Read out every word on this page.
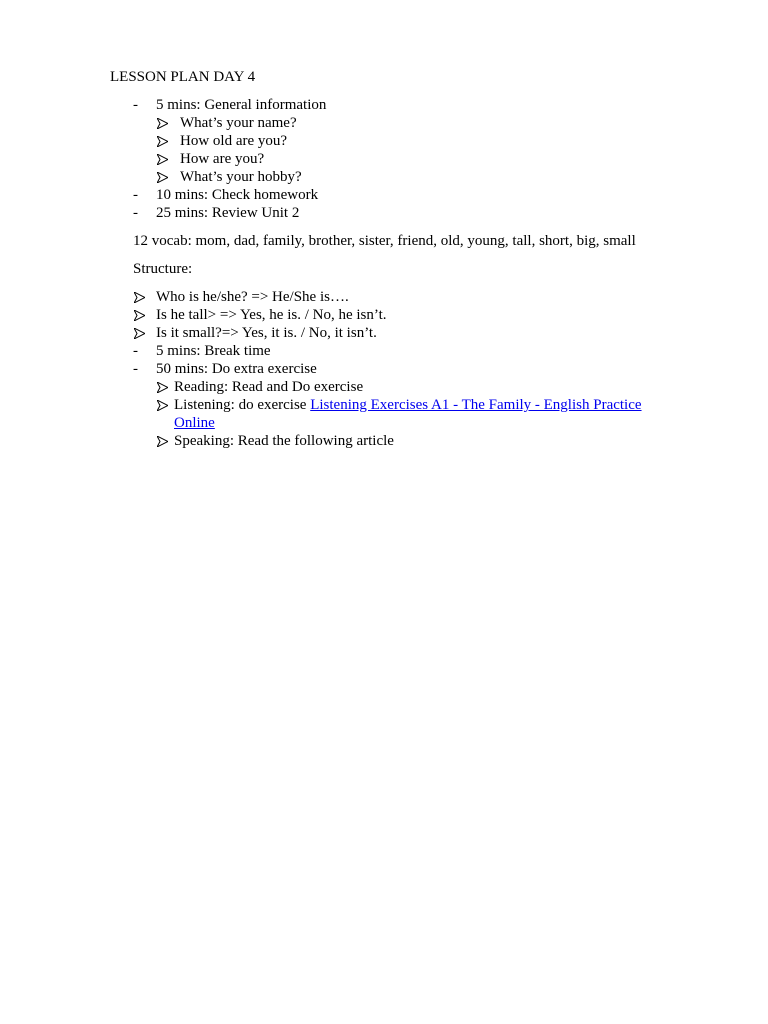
LESSON PLAN DAY 4
- 5 mins: General information
What’s your name?
How old are you?
How are you?
What’s your hobby?
- 10 mins: Check homework
- 25 mins: Review Unit 2
12 vocab: mom, dad, family, brother, sister, friend, old, young, tall, short, big, small
Structure:
Who is he/she? => He/She is….
Is he tall> => Yes, he is. / No, he isn’t.
Is it small?=> Yes, it is. / No, it isn’t.
- 5 mins: Break time
- 50 mins: Do extra exercise
Reading: Read and Do exercise
Listening: do exercise Listening Exercises A1 - The Family - English Practice
Online
Speaking: Read the following article
